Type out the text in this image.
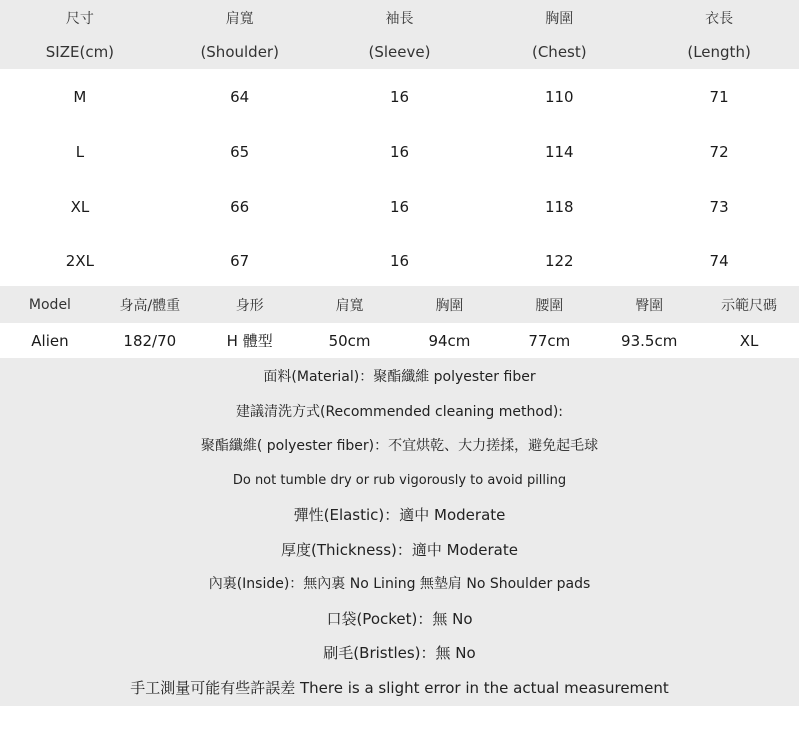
尺寸	肩寬	袖長	胸圍	衣長
SIZE(cm)	(Shoulder)	(Sleeve)	(Chest)	(Length)
M	64	16	110	71
L	65	16	114	72
XL	66	16	118	73
2XL	67	16	122	74
Model	身高/體重	身形	肩寬	胸圍	腰圍	臀圍	示範尺碼
Alien	182/70	H 體型	50cm	94cm	77cm	93.5cm	XL
面料(Material)：聚酯纖維 polyester fiber
建議清洗方式(Recommended cleaning method):
聚酯纖維( polyester fiber)：不宜烘乾、大力搓揉，避免起毛球
Do not tumble dry or rub vigorously to avoid pilling
彈性(Elastic)：適中 Moderate
厚度(Thickness)：適中 Moderate
內裏(Inside)：無內裏 No Lining 無墊肩 No Shoulder pads
口袋(Pocket)：無 No
刷毛(Bristles)：無 No
手工測量可能有些許誤差 There is a slight error in the actual measurement
